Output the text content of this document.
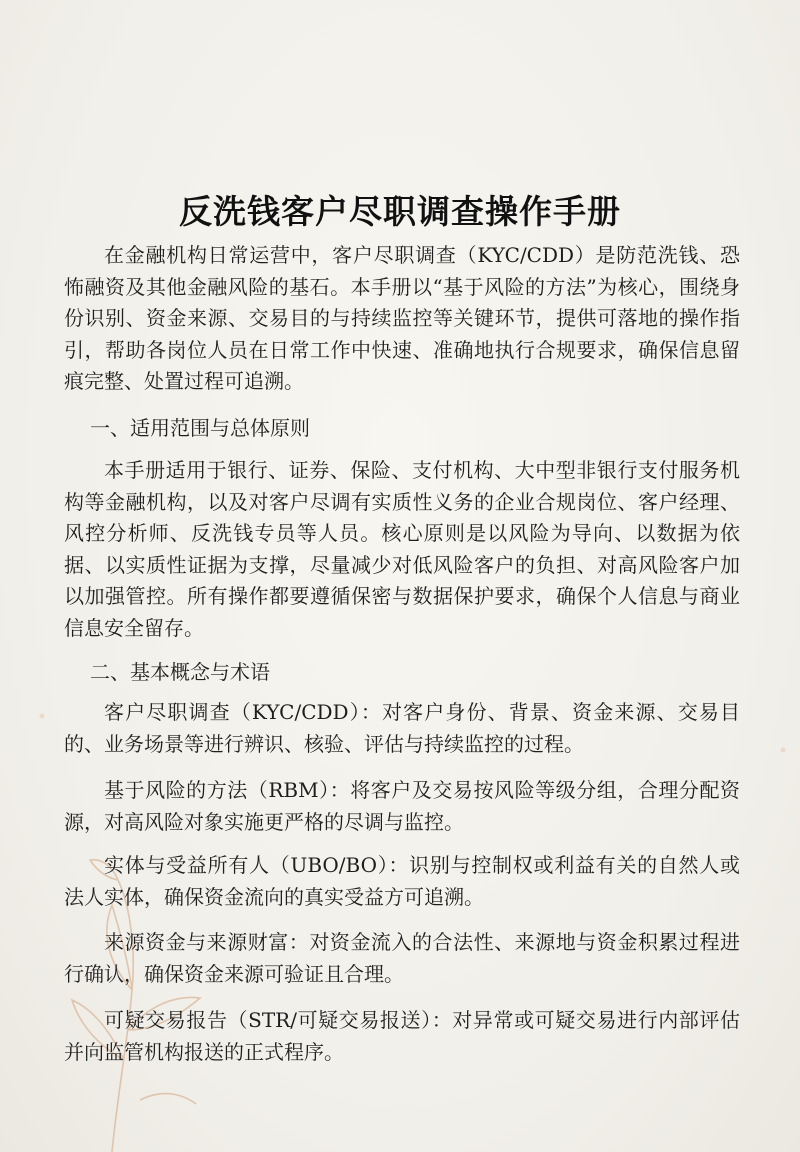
反洗钱客户尽职调查操作手册

在金融机构日常运营中，客户尽职调查（KYC/CDD）是防范洗钱、恐怖融资及其他金融风险的基石。本手册以“基于风险的方法”为核心，围绕身份识别、资金来源、交易目的与持续监控等关键环节，提供可落地的操作指引，帮助各岗位人员在日常工作中快速、准确地执行合规要求，确保信息留痕完整、处置过程可追溯。

一、适用范围与总体原则

本手册适用于银行、证券、保险、支付机构、大中型非银行支付服务机构等金融机构，以及对客户尽调有实质性义务的企业合规岗位、客户经理、风控分析师、反洗钱专员等人员。核心原则是以风险为导向、以数据为依据、以实质性证据为支撑，尽量减少对低风险客户的负担、对高风险客户加以加强管控。所有操作都要遵循保密与数据保护要求，确保个人信息与商业信息安全留存。

二、基本概念与术语

客户尽职调查（KYC/CDD）：对客户身份、背景、资金来源、交易目的、业务场景等进行辨识、核验、评估与持续监控的过程。

基于风险的方法（RBM）：将客户及交易按风险等级分组，合理分配资源，对高风险对象实施更严格的尽调与监控。

实体与受益所有人（UBO/BO）：识别与控制权或利益有关的自然人或法人实体，确保资金流向的真实受益方可追溯。

来源资金与来源财富：对资金流入的合法性、来源地与资金积累过程进行确认，确保资金来源可验证且合理。

可疑交易报告（STR/可疑交易报送）：对异常或可疑交易进行内部评估并向监管机构报送的正式程序。
